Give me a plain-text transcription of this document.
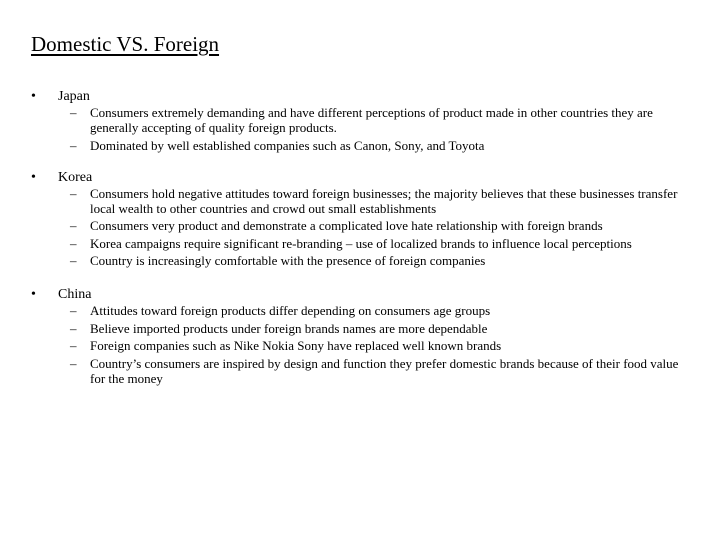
Domestic VS. Foreign
• Japan
– Consumers extremely demanding and have different perceptions of product made in other countries they are generally accepting of quality foreign products.
– Dominated by well established companies such as Canon, Sony, and Toyota
• Korea
– Consumers hold negative attitudes toward foreign businesses; the majority believes that these businesses transfer local wealth to other countries and crowd out small establishments
– Consumers very product and demonstrate a complicated love hate relationship with foreign brands
– Korea campaigns require significant re-branding – use of localized brands to influence local perceptions
– Country is increasingly comfortable with the presence of foreign companies
• China
– Attitudes toward foreign products differ depending on consumers age groups
– Believe imported products under foreign brands names are more dependable
– Foreign companies such as Nike Nokia Sony have replaced well known brands
– Country’s consumers are inspired by design and function they prefer domestic brands because of their food value for the money
